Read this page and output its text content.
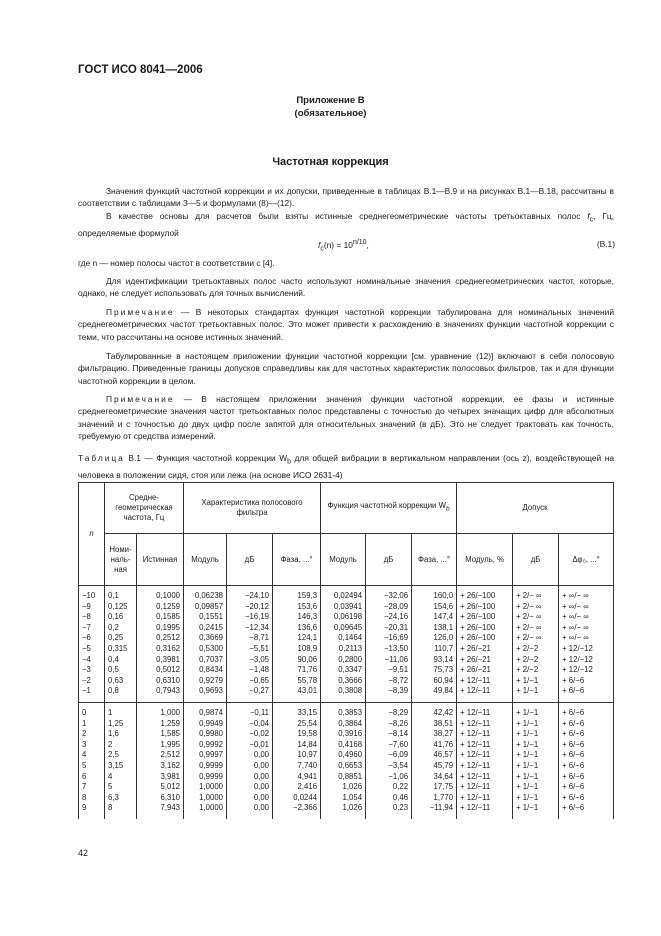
ГОСТ ИСО 8041—2006
Приложение В
(обязательное)
Частотная коррекция
Значения функций частотной коррекции и их допуски, приведенные в таблицах В.1—В.9 и на рисунках В.1—В.18, рассчитаны в соответствии с таблицами 3—5 и формулами (8)—(12).
В качестве основы для расчетов были взяты истинные среднегеометрические частоты третьоктавных полос $f_c$, Гц, определяемые формулой
$f_c(n) = 10^{n/10}$,	(В.1)
где n — номер полосы частот в соответствии с [4].
Для идентификации третьоктавных полос часто используют номинальные значения среднегеометрических частот, которые, однако, не следует использовать для точных вычислений.
Примечание — В некоторых стандартах функция частотной коррекции табулирована для номинальных значений среднегеометрических частот третьоктавных полос. Это может привести к расхождению в значениях функции частотной коррекции с теми, что рассчитаны на основе истинных значений.
Табулированные в настоящем приложении функции частотной коррекции [см. уравнение (12)] включают в себя полосовую фильтрацию. Приведенные границы допусков справедливы как для частотных характеристик полосовых фильтров, так и для функции частотной коррекции в целом.
Примечание — В настоящем приложении значения функции частотной коррекции, ее фазы и истинные среднегеометрические значения частот третьоктавных полос представлены с точностью до четырех значащих цифр для абсолютных значений и с точностью до двух цифр после запятой для относительных значений (в дБ). Это не следует трактовать как точность, требуемую от средства измерений.
Таблица В.1 — Функция частотной коррекции $W_b$ для общей вибрации в вертикальном направлении (ось z), воздействующей на человека в положении сидя, стоя или лежа (на основе ИСО 2631-4)
n	Средне-геометрическая частота, Гц		Характеристика полосового фильтра			Функция частотной коррекции $W_b$			Допуск		
	Номи-наль-ная	Истинная	Модуль	дБ	Фаза, ...°	Модуль	дБ	Фаза, ...°	Модуль, %	дБ	Δφ₀, ...°
−10	0,1	0,1000	0,06238	−24,10	159,3	0,02494	−32,06	160,0	+ 26/−100	+ 2/− ∞	+ ∞/− ∞
−9	0,125	0,1259	0,09857	−20,12	153,6	0,03941	−28,09	154,6	+ 26/−100	+ 2/− ∞	+ ∞/− ∞
−8	0,16	0,1585	0,1551	−16,19	146,3	0,06198	−24,16	147,4	+ 26/−100	+ 2/− ∞	+ ∞/− ∞
−7	0,2	0,1995	0,2415	−12,34	136,6	0,09645	−20,31	138,1	+ 26/−100	+ 2/− ∞	+ ∞/− ∞
−6	0,25	0,2512	0,3669	−8,71	124,1	0,1464	−16,69	126,0	+ 26/−100	+ 2/− ∞	+ ∞/− ∞
−5	0,315	0,3162	0,5300	−5,51	108,9	0,2113	−13,50	110,7	+ 26/−21	+ 2/−2	+ 12/−12
−4	0,4	0,3981	0,7037	−3,05	90,06	0,2800	−11,06	93,14	+ 26/−21	+ 2/−2	+ 12/−12
−3	0,5	0,5012	0,8434	−1,48	71,76	0,3347	−9,51	75,73	+ 26/−21	+ 2/−2	+ 12/−12
−2	0,63	0,6310	0,9279	−0,65	55,78	0,3666	−8,72	60,94	+ 12/−11	+ 1/−1	+ 6/−6
−1	0,8	0,7943	0,9693	−0,27	43,01	0,3808	−8,39	49,84	+ 12/−11	+ 1/−1	+ 6/−6
0	1	1,000	0,9874	−0,11	33,15	0,3853	−8,29	42,42	+ 12/−11	+ 1/−1	+ 6/−6
1	1,25	1,259	0,9949	−0,04	25,54	0,3864	−8,26	38,51	+ 12/−11	+ 1/−1	+ 6/−6
2	1,6	1,585	0,9980	−0,02	19,58	0,3916	−8,14	38,27	+ 12/−11	+ 1/−1	+ 6/−6
3	2	1,995	0,9992	−0,01	14,84	0,4168	−7,60	41,76	+ 12/−11	+ 1/−1	+ 6/−6
4	2,5	2,512	0,9997	0,00	10,97	0,4960	−6,09	46,57	+ 12/−11	+ 1/−1	+ 6/−6
5	3,15	3,162	0,9999	0,00	7,740	0,6653	−3,54	45,79	+ 12/−11	+ 1/−1	+ 6/−6
6	4	3,981	0,9999	0,00	4,941	0,8851	−1,06	34,64	+ 12/−11	+ 1/−1	+ 6/−6
7	5	5,012	1,0000	0,00	2,416	1,026	0,22	17,75	+ 12/−11	+ 1/−1	+ 6/−6
8	6,3	6,310	1,0000	0,00	0,0244	1,054	0,46	1,770	+ 12/−11	+ 1/−1	+ 6/−6
9	8	7,943	1,0000	0,00	−2,366	1,026	0,23	−11,94	+ 12/−11	+ 1/−1	+ 6/−6
42
